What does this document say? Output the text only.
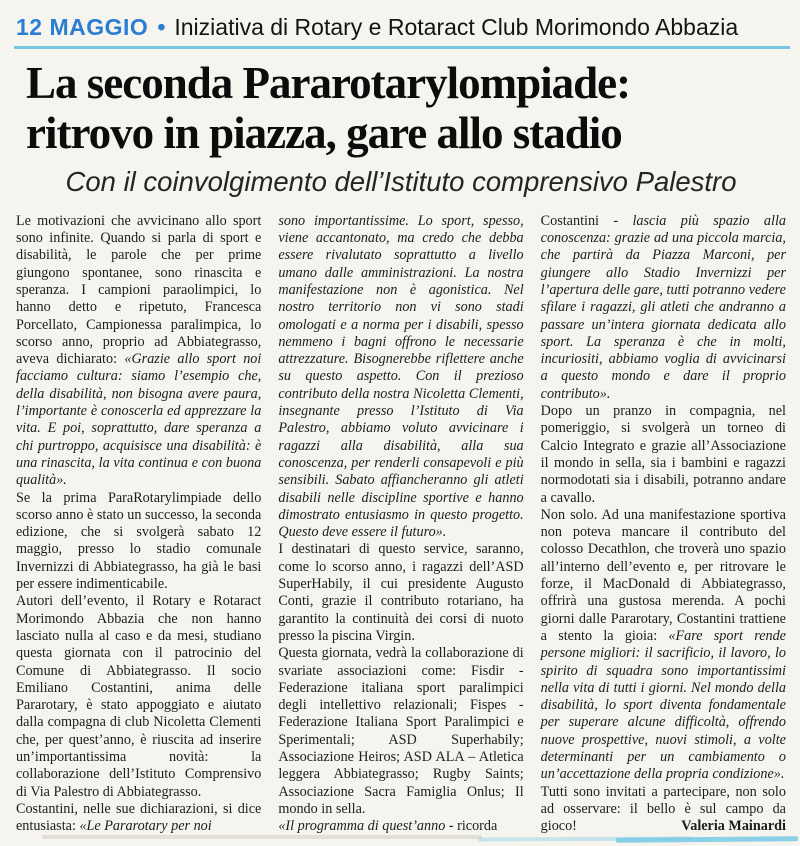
12 MAGGIO • Iniziativa di Rotary e Rotaract Club Morimondo Abbazia
La seconda Pararotarylompiade:
ritrovo in piazza, gare allo stadio
Con il coinvolgimento dell’Istituto comprensivo Palestro

Le motivazioni che avvicinano allo sport sono infinite. Quando si parla di sport e disabilità, le parole che per prime giungono spontanee, sono rinascita e speranza. I campioni paraolimpici, lo hanno detto e ripetuto, Francesca Porcellato, Campionessa paralimpica, lo scorso anno, proprio ad Abbiategrasso, aveva dichiarato: «Grazie allo sport noi facciamo cultura: siamo l’esempio che, della disabilità, non bisogna avere paura, l’importante è conoscerla ed apprezzare la vita. E poi, soprattutto, dare speranza a chi purtroppo, acquisisce una disabilità: è una rinascita, la vita continua e con buona qualità».

Se la prima ParaRotarylimpiade dello scorso anno è stato un successo, la seconda edizione, che si svolgerà sabato 12 maggio, presso lo stadio comunale Invernizzi di Abbiategrasso, ha già le basi per essere indimenticabile.

Autori dell’evento, il Rotary e Rotaract Morimondo Abbazia che non hanno lasciato nulla al caso e da mesi, studiano questa giornata con il patrocinio del Comune di Abbiategrasso. Il socio Emiliano Costantini, anima delle Pararotary, è stato appoggiato e aiutato dalla compagna di club Nicoletta Clementi che, per quest’anno, è riuscita ad inserire un’importantissima novità: la collaborazione dell’Istituto Comprensivo di Via Palestro di Abbiategrasso.

Costantini, nelle sue dichiarazioni, si dice entusiasta: «Le Pararotary per noi

sono importantissime. Lo sport, spesso, viene accantonato, ma credo che debba essere rivalutato soprattutto a livello umano dalle amministrazioni. La nostra manifestazione non è agonistica. Nel nostro territorio non vi sono stadi omologati e a norma per i disabili, spesso nemmeno i bagni offrono le necessarie attrezzature. Bisognerebbe riflettere anche su questo aspetto. Con il prezioso contributo della nostra Nicoletta Clementi, insegnante presso l’Istituto di Via Palestro, abbiamo voluto avvicinare i ragazzi alla disabilità, alla sua conoscenza, per renderli consapevoli e più sensibili. Sabato affiancheranno gli atleti disabili nelle discipline sportive e hanno dimostrato entusiasmo in questo progetto. Questo deve essere il futuro».

I destinatari di questo service, saranno, come lo scorso anno, i ragazzi dell’ASD SuperHabily, il cui presidente Augusto Conti, grazie il contributo rotariano, ha garantito la continuità dei corsi di nuoto presso la piscina Virgin.

Questa giornata, vedrà la collaborazione di svariate associazioni come: Fisdir - Federazione italiana sport paralimpici degli intellettivo relazionali; Fispes - Federazione Italiana Sport Paralimpici e Sperimentali; ASD Superhabily; Associazione Heiros; ASD ALA – Atletica leggera Abbiategrasso; Rugby Saints; Associazione Sacra Famiglia Onlus; Il mondo in sella.

«Il programma di quest’anno - ricorda

Costantini - lascia più spazio alla conoscenza: grazie ad una piccola marcia, che partirà da Piazza Marconi, per giungere allo Stadio Invernizzi per l’apertura delle gare, tutti potranno vedere sfilare i ragazzi, gli atleti che andranno a passare un’intera giornata dedicata allo sport. La speranza è che in molti, incuriositi, abbiamo voglia di avvicinarsi a questo mondo e dare il proprio contributo».

Dopo un pranzo in compagnia, nel pomeriggio, si svolgerà un torneo di Calcio Integrato e grazie all’Associazione il mondo in sella, sia i bambini e ragazzi normodotati sia i disabili, potranno andare a cavallo.

Non solo. Ad una manifestazione sportiva non poteva mancare il contributo del colosso Decathlon, che troverà uno spazio all’interno dell’evento e, per ritrovare le forze, il MacDonald di Abbiategrasso, offrirà una gustosa merenda. A pochi giorni dalle Pararotary, Costantini trattiene a stento la gioia: «Fare sport rende persone migliori: il sacrificio, il lavoro, lo spirito di squadra sono importantissimi nella vita di tutti i giorni. Nel mondo della disabilità, lo sport diventa fondamentale per superare alcune difficoltà, offrendo nuove prospettive, nuovi stimoli, a volte determinanti per un cambiamento o un’accettazione della propria condizione».

Tutti sono invitati a partecipare, non solo ad osservare: il bello è sul campo da gioco!	Valeria Mainardi
